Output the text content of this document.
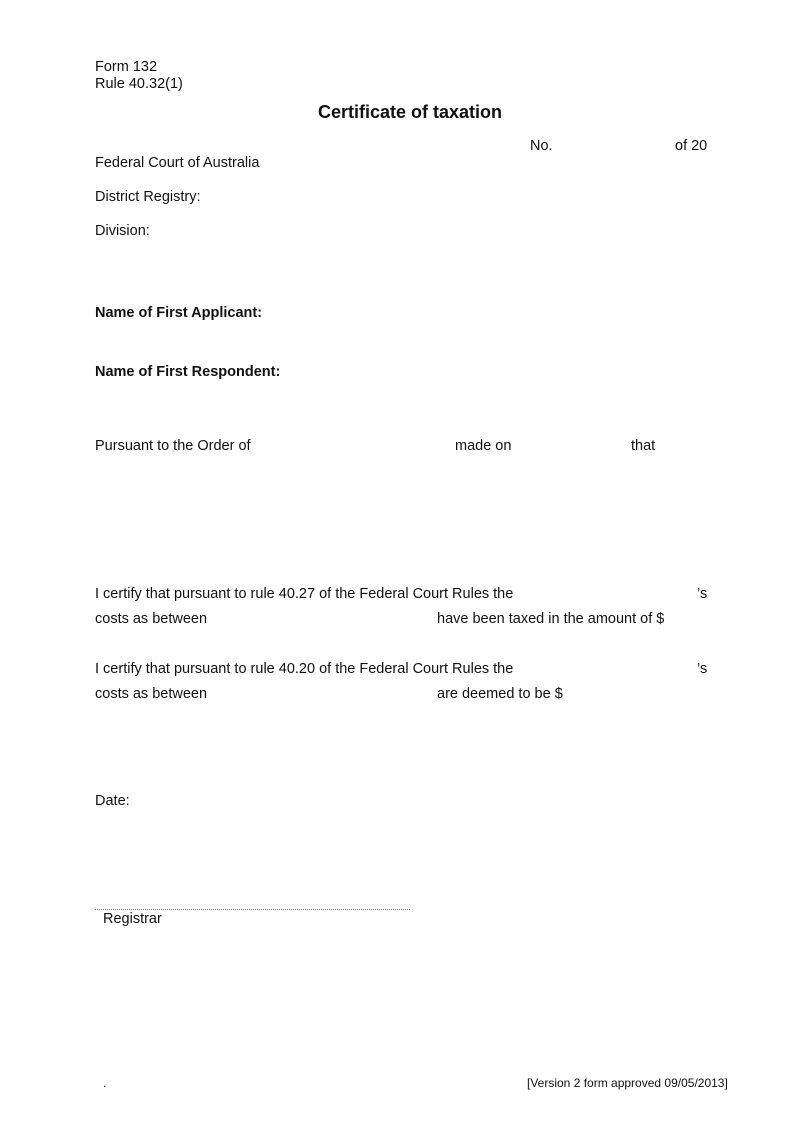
Form 132
Rule 40.32(1)
Certificate of taxation
No.	of 20
Federal Court of Australia
District Registry:
Division:
Name of First Applicant:
Name of First Respondent:
Pursuant to the Order of	made on	that
I certify that pursuant to rule 40.27 of the Federal Court Rules the	’s
costs as between	have been taxed in the amount of $
I certify that pursuant to rule 40.20 of the Federal Court Rules the	’s
costs as between	are deemed to be $
Date:
Registrar
.	[Version 2 form approved 09/05/2013]
